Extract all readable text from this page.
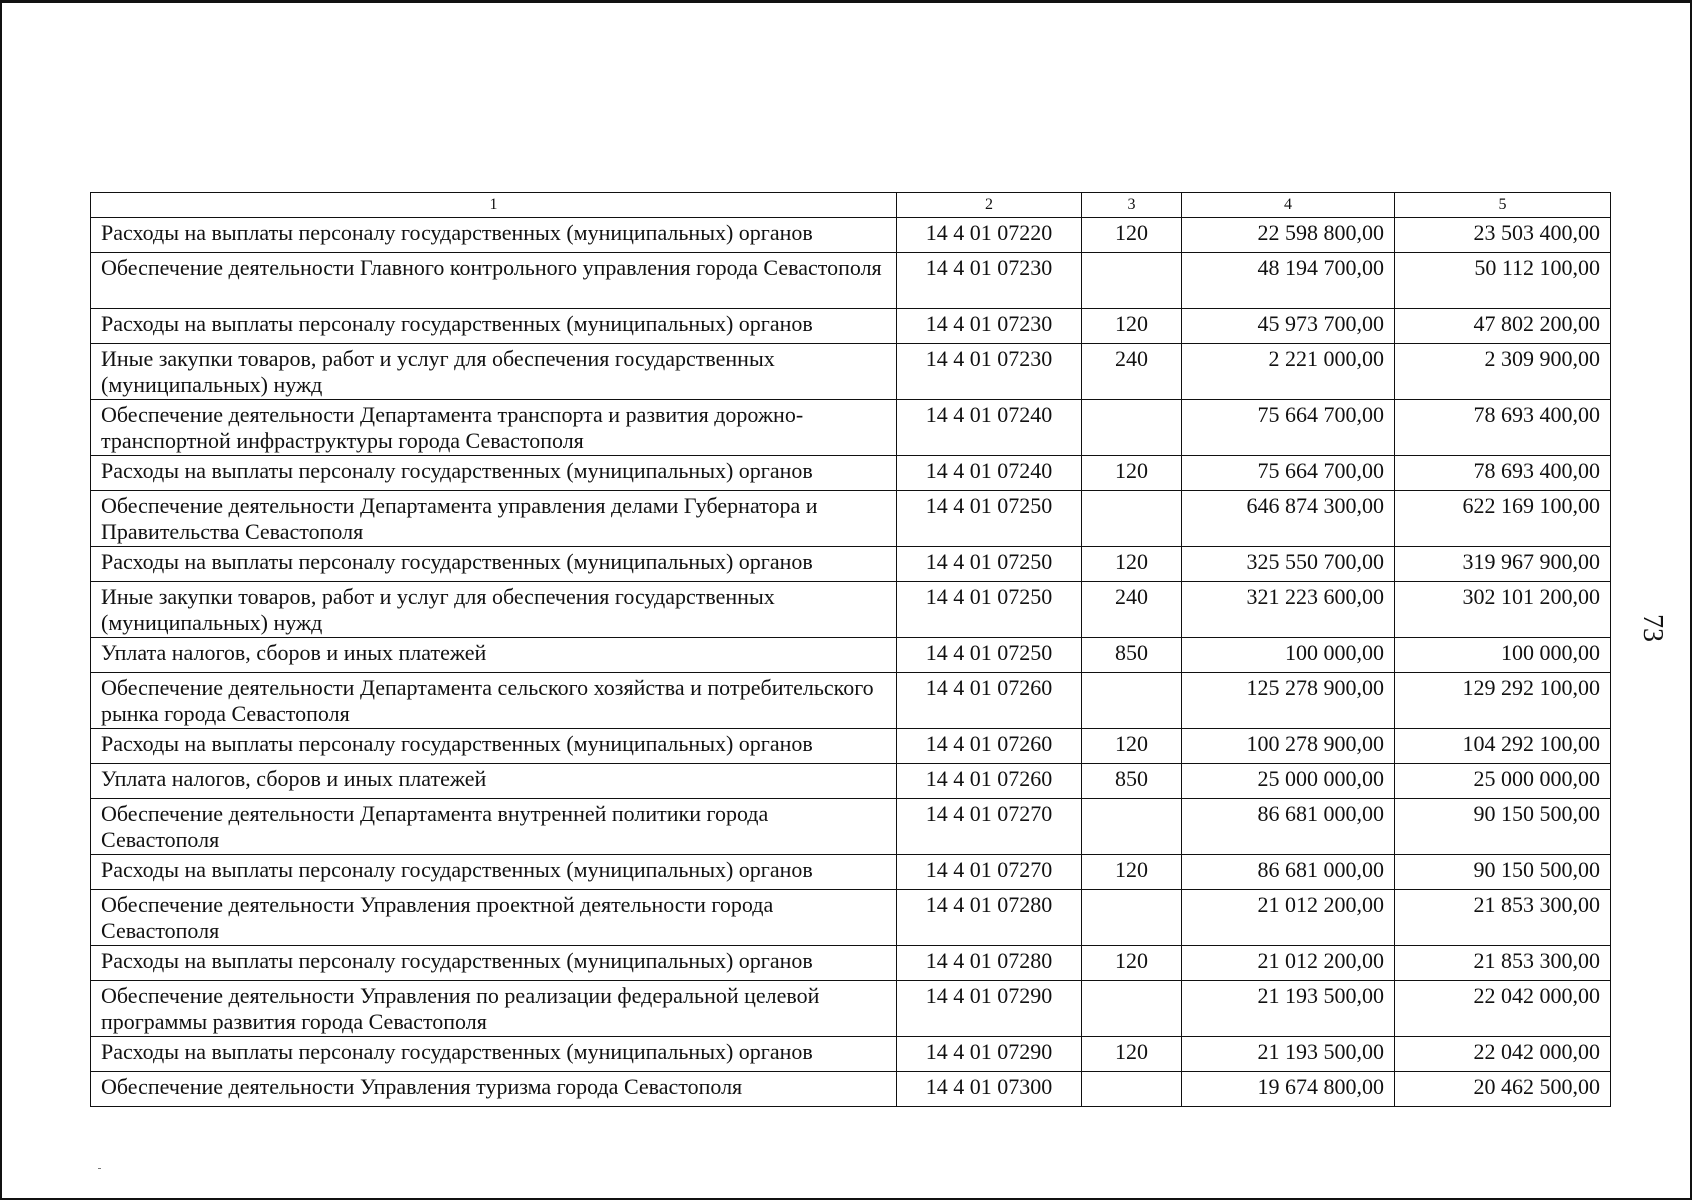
1	2	3	4	5
Расходы на выплаты персоналу государственных (муниципальных) органов	14 4 01 07220	120	22 598 800,00	23 503 400,00
Обеспечение деятельности Главного контрольного управления города Севастополя	14 4 01 07230		48 194 700,00	50 112 100,00
Расходы на выплаты персоналу государственных (муниципальных) органов	14 4 01 07230	120	45 973 700,00	47 802 200,00
Иные закупки товаров, работ и услуг для обеспечения государственных (муниципальных) нужд	14 4 01 07230	240	2 221 000,00	2 309 900,00
Обеспечение деятельности Департамента транспорта и развития дорожно-транспортной инфраструктуры города Севастополя	14 4 01 07240		75 664 700,00	78 693 400,00
Расходы на выплаты персоналу государственных (муниципальных) органов	14 4 01 07240	120	75 664 700,00	78 693 400,00
Обеспечение деятельности Департамента управления делами Губернатора и Правительства Севастополя	14 4 01 07250		646 874 300,00	622 169 100,00
Расходы на выплаты персоналу государственных (муниципальных) органов	14 4 01 07250	120	325 550 700,00	319 967 900,00
Иные закупки товаров, работ и услуг для обеспечения государственных (муниципальных) нужд	14 4 01 07250	240	321 223 600,00	302 101 200,00
Уплата налогов, сборов и иных платежей	14 4 01 07250	850	100 000,00	100 000,00
Обеспечение деятельности Департамента сельского хозяйства и потребительского рынка города Севастополя	14 4 01 07260		125 278 900,00	129 292 100,00
Расходы на выплаты персоналу государственных (муниципальных) органов	14 4 01 07260	120	100 278 900,00	104 292 100,00
Уплата налогов, сборов и иных платежей	14 4 01 07260	850	25 000 000,00	25 000 000,00
Обеспечение деятельности Департамента внутренней политики города Севастополя	14 4 01 07270		86 681 000,00	90 150 500,00
Расходы на выплаты персоналу государственных (муниципальных) органов	14 4 01 07270	120	86 681 000,00	90 150 500,00
Обеспечение деятельности Управления проектной деятельности города Севастополя	14 4 01 07280		21 012 200,00	21 853 300,00
Расходы на выплаты персоналу государственных (муниципальных) органов	14 4 01 07280	120	21 012 200,00	21 853 300,00
Обеспечение деятельности Управления по реализации федеральной целевой программы развития города Севастополя	14 4 01 07290		21 193 500,00	22 042 000,00
Расходы на выплаты персоналу государственных (муниципальных) органов	14 4 01 07290	120	21 193 500,00	22 042 000,00
Обеспечение деятельности Управления туризма города Севастополя	14 4 01 07300		19 674 800,00	20 462 500,00
73
